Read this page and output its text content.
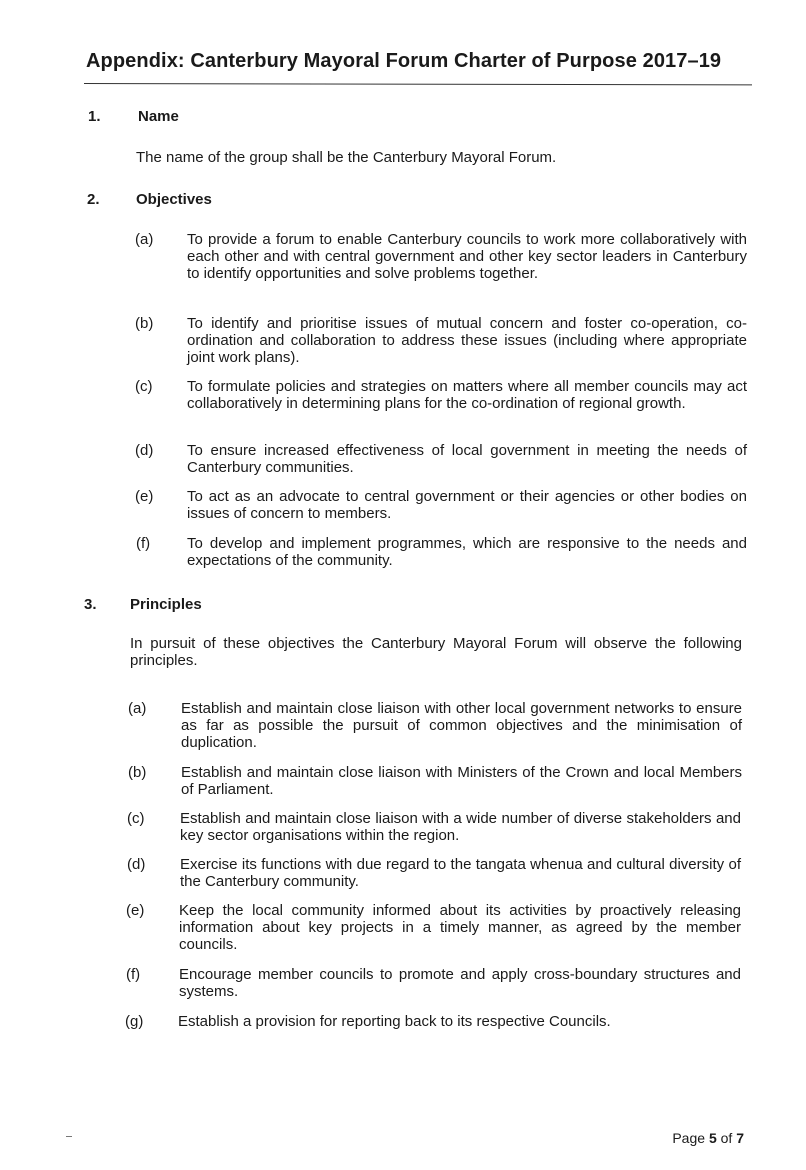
Appendix: Canterbury Mayoral Forum Charter of Purpose 2017–19
1. Name
The name of the group shall be the Canterbury Mayoral Forum.
2. Objectives
(a) To provide a forum to enable Canterbury councils to work more collaboratively with each other and with central government and other key sector leaders in Canterbury to identify opportunities and solve problems together.
(b) To identify and prioritise issues of mutual concern and foster co-operation, co-ordination and collaboration to address these issues (including where appropriate joint work plans).
(c) To formulate policies and strategies on matters where all member councils may act collaboratively in determining plans for the co-ordination of regional growth.
(d) To ensure increased effectiveness of local government in meeting the needs of Canterbury communities.
(e) To act as an advocate to central government or their agencies or other bodies on issues of concern to members.
(f) To develop and implement programmes, which are responsive to the needs and expectations of the community.
3. Principles
In pursuit of these objectives the Canterbury Mayoral Forum will observe the following principles.
(a) Establish and maintain close liaison with other local government networks to ensure as far as possible the pursuit of common objectives and the minimisation of duplication.
(b) Establish and maintain close liaison with Ministers of the Crown and local Members of Parliament.
(c) Establish and maintain close liaison with a wide number of diverse stakeholders and key sector organisations within the region.
(d) Exercise its functions with due regard to the tangata whenua and cultural diversity of the Canterbury community.
(e) Keep the local community informed about its activities by proactively releasing information about key projects in a timely manner, as agreed by the member councils.
(f)	Encourage member councils to promote and apply cross-boundary structures and systems.
(g) Establish a provision for reporting back to its respective Councils.
Page 5 of 7
